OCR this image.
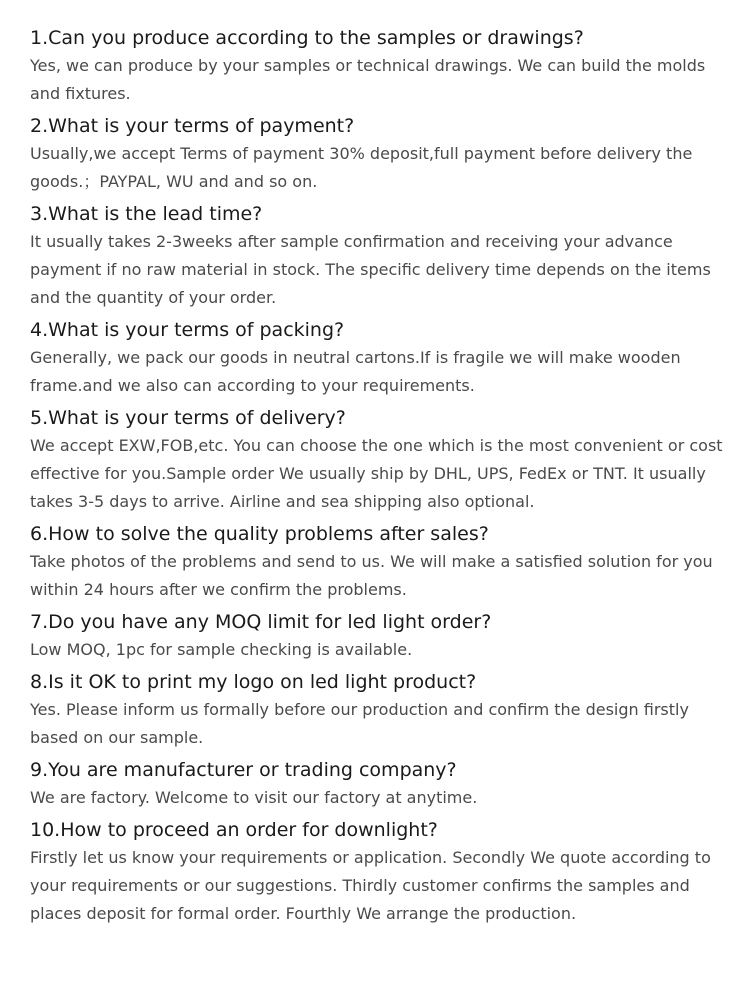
1.Can you produce according to the samples or drawings?

Yes, we can produce by your samples or technical drawings. We can build the molds and fixtures.

2.What is your terms of payment?

Usually,we accept Terms of payment 30% deposit,full payment before delivery the goods.；PAYPAL, WU and and so on.

3.What is the lead time?

It usually takes 2-3weeks after sample confirmation and receiving your advance payment if no raw material in stock. The specific delivery time depends on the items and the quantity of your order.

4.What is your terms of packing?

Generally, we pack our goods in neutral cartons.If is fragile we will make wooden frame.and we also can according to your requirements.

5.What is your terms of delivery?

We accept EXW,FOB,etc. You can choose the one which is the most convenient or cost effective for you.Sample order We usually ship by DHL, UPS, FedEx or TNT. It usually takes 3-5 days to arrive. Airline and sea shipping also optional.

6.How to solve the quality problems after sales?

Take photos of the problems and send to us. We will make a satisfied solution for you within 24 hours after we confirm the problems.

7.Do you have any MOQ limit for led light order?

Low MOQ, 1pc for sample checking is available.

8.Is it OK to print my logo on led light product?

Yes. Please inform us formally before our production and confirm the design firstly based on our sample.

9.You are manufacturer or trading company?

We are factory. Welcome to visit our factory at anytime.

10.How to proceed an order for downlight?

Firstly let us know your requirements or application. Secondly We quote according to your requirements or our suggestions. Thirdly customer confirms the samples and places deposit for formal order. Fourthly We arrange the production.
